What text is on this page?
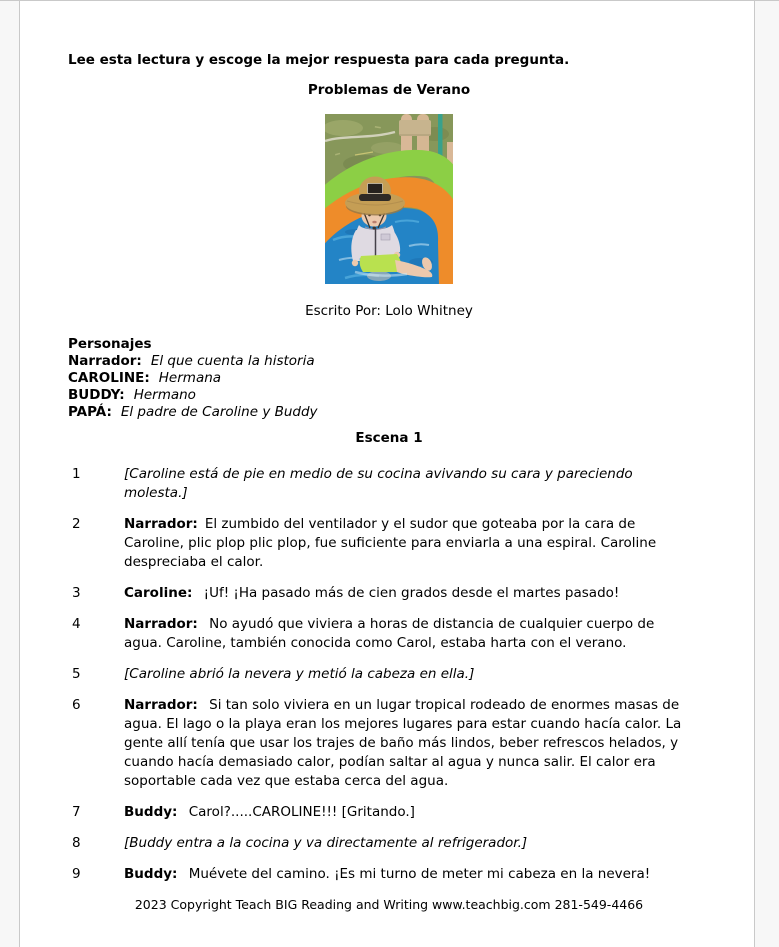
Lee esta lectura y escoge la mejor respuesta para cada pregunta.
Problemas de Verano
Escrito Por: Lolo Whitney
Personajes
Narrador: El que cuenta la historia
CAROLINE: Hermana
BUDDY: Hermano
PAPÁ: El padre de Caroline y Buddy
Escena 1
1	[Caroline está de pie en medio de su cocina avivando su cara y pareciendo molesta.]
2	Narrador: El zumbido del ventilador y el sudor que goteaba por la cara de Caroline, plic plop plic plop, fue suficiente para enviarla a una espiral. Caroline despreciaba el calor.
3	Caroline: ¡Uf! ¡Ha pasado más de cien grados desde el martes pasado!
4	Narrador: No ayudó que viviera a horas de distancia de cualquier cuerpo de agua. Caroline, también conocida como Carol, estaba harta con el verano.
5	[Caroline abrió la nevera y metió la cabeza en ella.]
6	Narrador: Si tan solo viviera en un lugar tropical rodeado de enormes masas de agua. El lago o la playa eran los mejores lugares para estar cuando hacía calor. La gente allí tenía que usar los trajes de baño más lindos, beber refrescos helados, y cuando hacía demasiado calor, podían saltar al agua y nunca salir. El calor era soportable cada vez que estaba cerca del agua.
7	Buddy: Carol?.....CAROLINE!!! [Gritando.]
8	[Buddy entra a la cocina y va directamente al refrigerador.]
9	Buddy: Muévete del camino. ¡Es mi turno de meter mi cabeza en la nevera!
2023 Copyright Teach BIG Reading and Writing www.teachbig.com 281-549-4466
